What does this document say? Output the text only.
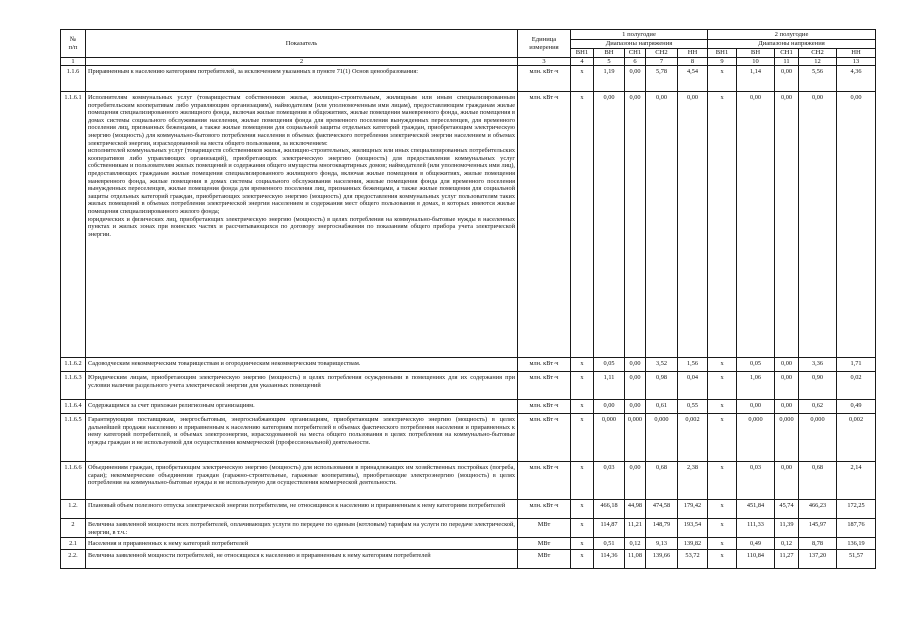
№
п/п	Показатель	Единица
измерения	1 полугодие					2 полугодие				
			Диапазоны напряжения					Диапазоны напряжения				
			ВН1	ВН	СН1	СН2	НН	ВН1	ВН	СН1	СН2	НН
1	2	3	4	5	6	7	8	9	10	11	12	13
1.1.6	Приравненным к населению категориям потребителей, за исключением указанных в пункте 71(1) Основ ценообразования:	млн. кВт·ч	x	1,19	0,00	5,78	4,54	x	1,14	0,00	5,56	4,36
1.1.6.1	Исполнителям коммунальных услуг (товариществам собственников жилья, жилищно-строительным, жилищным или иным специализированным потребительским кооперативам либо управляющим организациям), наймодателям (или уполномоченным ими лицам), предоставляющим гражданам жилые помещения специализированного жилищного фонда, включая жилые помещения в общежитиях, жилые помещения маневренного фонда, жилые помещения в домах системы социального обслуживания населения, жилые помещения фонда для временного поселения вынужденных переселенцев, для временного поселения лиц, признанных беженцами, а также жилые помещения для социальной защиты отдельных категорий граждан, приобретающим электрическую энергию (мощность) для коммунально-бытового потребления населения в объемах фактического потребления электрической энергии населением и объемах электрической энергии, израсходованной на места общего пользования, за исключением:
исполнителей коммунальных услуг (товариществ собственников жилья, жилищно-строительных, жилищных или иных специализированных потребительских кооперативов либо управляющих организаций), приобретающих электрическую энергию (мощность) для предоставления коммунальных услуг собственникам и пользователям жилых помещений и содержания общего имущества многоквартирных домов; наймодателей (или уполномоченных ими лиц), предоставляющих гражданам жилые помещения специализированного жилищного фонда, включая жилые помещения в общежитиях, жилые помещения маневренного фонда, жилые помещения в домах системы социального обслуживания населения, жилые помещения фонда для временного поселения вынужденных переселенцев, жилые помещения фонда для временного поселения лиц, признанных беженцами, а также жилые помещения для социальной защиты отдельных категорий граждан, приобретающих электрическую энергию (мощность) для предоставления коммунальных услуг пользователям таких жилых помещений в объемах потребления электрической энергии населением и содержания мест общего пользования в домах, в которых имеются жилые помещения специализированного жилого фонда;
юридических и физических лиц, приобретающих электрическую энергию (мощность) в целях потребления на коммунально-бытовые нужды в населенных пунктах и жилых зонах при воинских частях и рассчитывающихся по договору энергоснабжения по показаниям общего прибора учета электрической энергии.	млн. кВт·ч	x	0,00	0,00	0,00	0,00	x	0,00	0,00	0,00	0,00
1.1.6.2	Садоводческим некоммерческим товариществам и огородническим некоммерческим товариществам.	млн. кВт·ч	x	0,05	0,00	3,52	1,56	x	0,05	0,00	3,36	1,71
1.1.6.3	Юридическим лицам, приобретающим электрическую энергию (мощность) в целях потребления осужденными в помещениях для их содержания при условии наличия раздельного учета электрической энергии для указанных помещений	млн. кВт·ч	x	1,11	0,00	0,98	0,04	x	1,06	0,00	0,90	0,02
1.1.6.4	Содержащимся за счет прихожан религиозным организациям.	млн. кВт·ч	x	0,00	0,00	0,61	0,55	x	0,00	0,00	0,62	0,49
1.1.6.5	Гарантирующим поставщикам, энергосбытовым, энергоснабжающим организациям, приобретающим электрическую энергию (мощность) в целях дальнейшей продажи населению и приравненным к населению категориям потребителей в объемах фактического потребления населения и приравненных к нему категорий потребителей, и объемах электроэнергии, израсходованной на места общего пользования в целях потребления на коммунально-бытовые нужды граждан и не используемой для осуществления коммерческой (профессиональной) деятельности.	млн. кВт·ч	x	0,000	0,000	0,000	0,002	x	0,000	0,000	0,000	0,002
1.1.6.6	Объединениям граждан, приобретающим электрическую энергию (мощность) для использования в принадлежащих им хозяйственных постройках (погреба, сараи); некоммерческие объединения граждан (гаражно-строительные, гаражные кооперативы), приобретающие электроэнергию (мощность) в целях потребления на коммунально-бытовые нужды и не используемую для осуществления коммерческой деятельности.	млн. кВт·ч	x	0,03	0,00	0,68	2,38	x	0,03	0,00	0,68	2,14
1.2.	Плановый объем полезного отпуска электрической энергии потребителям, не относящимся к населению и приравненным к нему категориям потребителей	млн. кВт·ч	x	466,18	44,98	474,58	179,42	x	451,84	45,74	466,23	172,25
2	Величина заявленной мощности всех потребителей, оплачивающих услуги по передаче по единым (котловым) тарифам на услуги по передаче электрической, энергии, в т.ч.:	МВт	x	114,87	11,21	148,79	193,54	x	111,33	11,39	145,97	187,76
2.1	Населения и приравненных к нему категорий потребителей	МВт	x	0,51	0,12	9,13	139,82	x	0,49	0,12	8,78	136,19
2.2.	Величина заявленной мощности потребителей, не относящихся к населению и приравненным к нему категориям потребителей	МВт	x	114,36	11,08	139,66	53,72	x	110,84	11,27	137,20	51,57
